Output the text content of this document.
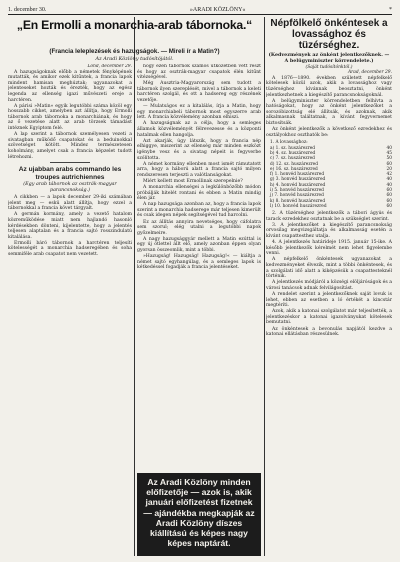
1. december 30.	»ARADI KÖZLÖNY«	*
„En Ermolli a monarchia-arab tábornoka.“
(Francia leleplezések és hazugságok. — Mireli ír a Matin?)
Az Aradi Közlöny tudósítójától.
Lond, december 29.

A hazugságoknak előbb a németek fényképének mutatták, és amikor ezek kitűntek, a francia lapok mindent hamisan meghúztak; ugyanazokat a jelenteseket hozták és érezték, hogy az egész legenda az ellenség igazi művészeti ereje a harctéren.

A párisi »Matin« egyik legutóbbi száma közöl egy hosszabb cikket, amelyben azt állítja, hogy Ermolli tábornok arab tábornoka a monarchiának, és hogy az ő vezetése alatt az arab törzsek támadást intéznek Egyiptom felé.

A lap szerint a tábornok személyesen vezeti a sivatagban működő csapatokat és a beduinokkal szövetséget kötött. Mindez természetesen koholmány, amelyet csak a francia képzelet tudott létrehozni.

Az ujabban arabs commando les troupes autrichiennes
(Egy arab tábornok az osztrák-magyar parancsnokság.)

A cikkben — a lapok december 29-iki számában jelent meg — eskü alatt állítja, hogy ezzel a tábornokkal a francia követ tárgyalt.

A germán kormány, amely a vezető hatalom közreműködése miatt nem hajlandó hasonló kérdésekben dönteni, kijelentette, hogy a jelentés teljesen alaptalan és a francia sajtó rosszindulatú kitalálása.

Ermolli báró tábornok a harctéren teljesíti kötelességét a monarchia hadseregében és soha semmiféle arab csapatot nem vezetett.

hogy ezen tábornok számos ütközetben vett részt és hogy az osztrák-magyar csapatok élén kitűnt vitézségével.

Még Ausztria-Magyarország sem tudott a tábornok ilyen szereplését, mivel a tábornok a keleti harctéren szolgál, és ott a hadsereg egy részének vezetője.

— Mulatságos ez a kitalálás, írja a Matin, hogy egy monarchiabeli tábornok most egyszerre arab lett. A francia közvélemény azonban elhiszi.

A hazugságnak az a célja, hogy a semleges államok közvéleményét félrevezesse és a központi hatalmak ellen hangolja.

Azt akarják, úgy látszik, hogy a francia nép elhiggye, miszerint az ellenség már minden eszközt igénybe vesz és a sivatag népeit is fegyverbe szólította.

A német kormány ellenben most ismét rámutatott arra, hogy a háború alatt a francia sajtó milyen rendszeresen terjeszti a valótlanságokat.

Miért kellett most Ermollinak szerepelnie?

A monarchia ellenségei a legkülönbözőbb módon próbálják hitelét rontani és ebben a Matin mindig élen jár.

A nap hazugsága azonban az, hogy a francia lapok szerint a monarchia hadserege már teljesen kimerült és csak idegen népek segítségével tud harcolni.

Ez az állítás annyira nevetséges, hogy cáfolatra sem szorul; elég utalni a legutóbbi napok győzelmeire.

A nagy hazugsággyár mellett a Matin ezúttal is egy új ötlettel állt elő, amely azonban éppen olyan gyorsan összeomlik, mint a többi.

»Hazugság! Hazugság! Hazugság!« — kiáltja a német sajtó egyhangúlag, és a semleges lapok is kétkedéssel fogadják a francia jelentéseket.

Az Aradi Közlöny minden előfizetője — azok is, akik januári előfizetést fizetnek — ajándékba megkapják az Aradi Közlöny díszes kiállítású és képes nagy képes naptárát.
Népfölkelő önkéntesek a lovassághoz és tüzérséghez.
(Kedvezmények az önként jelentkezőknek. — A belügyminiszter körrendelete.)
(Saját tudósítónktól.)
Arad, december 29.

A 1876—1890. években született népfelkelő kötelesek közül azok, akik a lovassághoz vagy tüzérséghez kívánnak beosztatni, önként jelentkezhetnek a kiegészítő parancsnokságoknál.

A belügyminiszter körrendeletben felhívta a hatóságokat, hogy az önként jelentkezőket a sorozóbizottság elé állítsák, és azoknak, akik alkalmasnak találtatnak, a kívánt fegyvernemet biztosítsák.

Az önként jelentkezők a következő ezredekhez és osztályokhoz oszthatók be:

1. A lovassághoz:
a) 1. sz. huszárezred	40
b) 4. sz. huszárezred	45
c) 7. sz. huszárezred	50
d) 12. sz. huszárezred	60
e) 16. sz. huszárezred	20
f) 1. honvéd huszárezred	42
g) 3. honvéd huszárezred	40
h) 4. honvéd huszárezred	40
i) 5. honvéd huszárezred	60
j) 7. honvéd huszárezred	60
k) 8. honvéd huszárezred	60
l) 10. honvéd huszárezred	60

2. A tüzérséghez jelentkezők a tábori ágyús és tarack ezredekhez osztatnak be a szükséglet szerint.

3. A jelentkezőket a kiegészítő parancsnokság orvosilag megvizsgáltatja és alkalmasság esetén a kívánt csapattesthez utalja.

4. A jelentkezés határideje 1915. január 15-ike. A később jelentkezők kérelmét nem lehet figyelembe venni.

A népfelkelő önkéntesek ugyanazokat a kedvezményeket élvezik, mint a többi önkéntesek, és a szolgálati idő alatt a kiképzésük a csapattesteknél történik.

A jelentkezés módjáról a községi elöljáróságok és a városi tanácsok adnak felvilágosítást.

A rendelet szerint a jelentkezőknek saját lovuk is lehet, ebben az esetben a ló értékét a kincstár megtéríti.

Azok, akik a katonai szolgálatot már teljesítették, a jelentkezéskor a katonai igazolványukat kötelesek bemutatni.

Az önkéntesek a bevonulás napjától kezdve a katonai ellátásban részesülnek.
